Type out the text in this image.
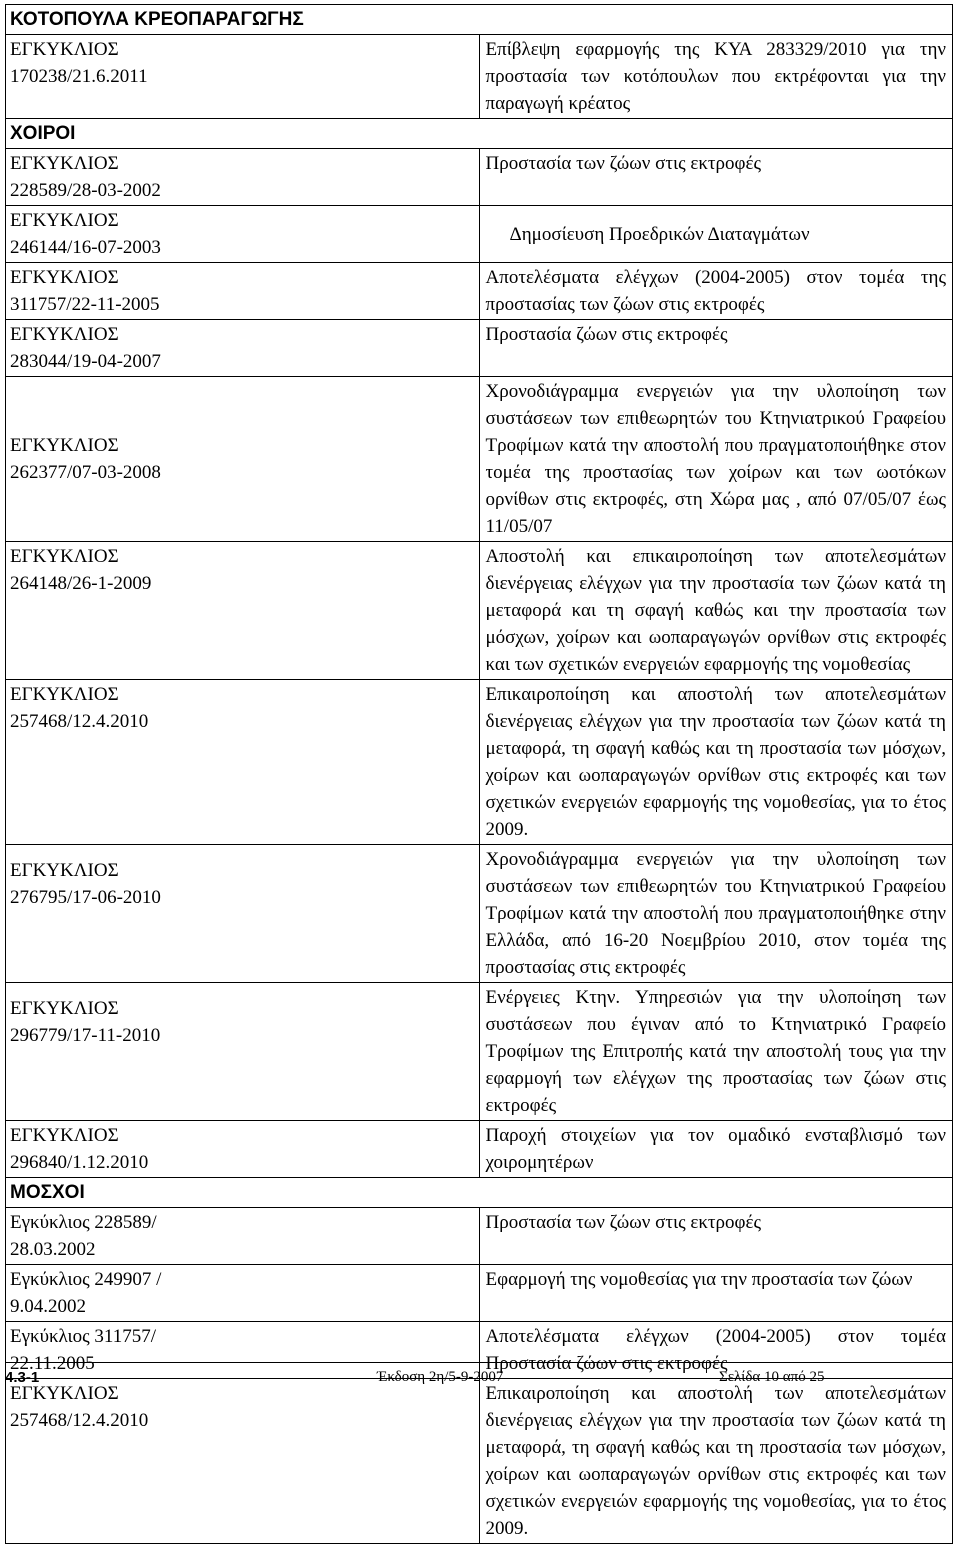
ΚΟΤΟΠΟΥΛΑ ΚΡΕΟΠΑΡΑΓΩΓΗΣ	

ΕΓΚΥΚΛΙΟΣ
170238/21.6.2011	Επίβλεψη εφαρμογής της ΚΥΑ 283329/2010 για την προστασία των κοτόπουλων που εκτρέφονται για την παραγωγή κρέατος
ΧΟΙΡΟΙ	

ΕΓΚΥΚΛΙΟΣ
228589/28-03-2002	Προστασία των ζώων στις εκτροφές

ΕΓΚΥΚΛΙΟΣ
246144/16-07-2003	Δημοσίευση Προεδρικών Διαταγμάτων

ΕΓΚΥΚΛΙΟΣ
311757/22-11-2005	Αποτελέσματα ελέγχων (2004-2005) στον τομέα της προστασίας των ζώων στις εκτροφές

ΕΓΚΥΚΛΙΟΣ
283044/19-04-2007	Προστασία ζώων στις εκτροφές

ΕΓΚΥΚΛΙΟΣ
262377/07-03-2008	Χρονοδιάγραμμα ενεργειών για την υλοποίηση των συστάσεων των επιθεωρητών του Κτηνιατρικού Γραφείου Τροφίμων κατά την αποστολή που πραγματοποιήθηκε στον τομέα της προστασίας των χοίρων και των ωοτόκων ορνίθων στις εκτροφές, στη Χώρα μας , από 07/05/07 έως 11/05/07

ΕΓΚΥΚΛΙΟΣ
264148/26-1-2009	Αποστολή και επικαιροποίηση των αποτελεσμάτων διενέργειας ελέγχων για την προστασία των ζώων κατά τη μεταφορά και τη σφαγή καθώς και την προστασία των μόσχων, χοίρων και ωοπαραγωγών ορνίθων στις εκτροφές και των σχετικών ενεργειών εφαρμογής της νομοθεσίας

ΕΓΚΥΚΛΙΟΣ
257468/12.4.2010	Επικαιροποίηση και αποστολή των αποτελεσμάτων διενέργειας ελέγχων για την προστασία των ζώων κατά τη μεταφορά, τη σφαγή καθώς και τη προστασία των μόσχων, χοίρων και ωοπαραγωγών ορνίθων στις εκτροφές και των σχετικών ενεργειών εφαρμογής της νομοθεσίας, για το έτος 2009.

ΕΓΚΥΚΛΙΟΣ
276795/17-06-2010	Χρονοδιάγραμμα ενεργειών για την υλοποίηση των συστάσεων των επιθεωρητών του Κτηνιατρικού Γραφείου Τροφίμων κατά την αποστολή που πραγματοποιήθηκε στην Ελλάδα, από 16-20 Νοεμβρίου 2010, στον τομέα της προστασίας στις εκτροφές

ΕΓΚΥΚΛΙΟΣ
296779/17-11-2010	Ενέργειες Κτην. Υπηρεσιών για την υλοποίηση των συστάσεων που έγιναν από το Κτηνιατρικό Γραφείο Τροφίμων της Επιτροπής κατά την αποστολή τους για την εφαρμογή των ελέγχων της προστασίας των ζώων στις εκτροφές

ΕΓΚΥΚΛΙΟΣ
296840/1.12.2010	Παροχή στοιχείων για τον ομαδικό ενσταβλισμό των χοιρομητέρων
ΜΟΣΧΟΙ	

Εγκύκλιος 228589/
28.03.2002	Προστασία των ζώων στις εκτροφές

Εγκύκλιος 249907 /
9.04.2002	Εφαρμογή της νομοθεσίας για την προστασία των ζώων

Εγκύκλιος 311757/
22.11.2005	Αποτελέσματα ελέγχων (2004-2005) στον τομέα Προστασία ζώων στις εκτροφές

ΕΓΚΥΚΛΙΟΣ
257468/12.4.2010	Επικαιροποίηση και αποστολή των αποτελεσμάτων διενέργειας ελέγχων για την προστασία των ζώων κατά τη μεταφορά, τη σφαγή καθώς και τη προστασία των μόσχων, χοίρων και ωοπαραγωγών ορνίθων στις εκτροφές και των σχετικών ενεργειών εφαρμογής της νομοθεσίας, για το έτος 2009.
4.3-1	Έκδοση 2η/5-9-2007	Σελίδα 10 από 25
